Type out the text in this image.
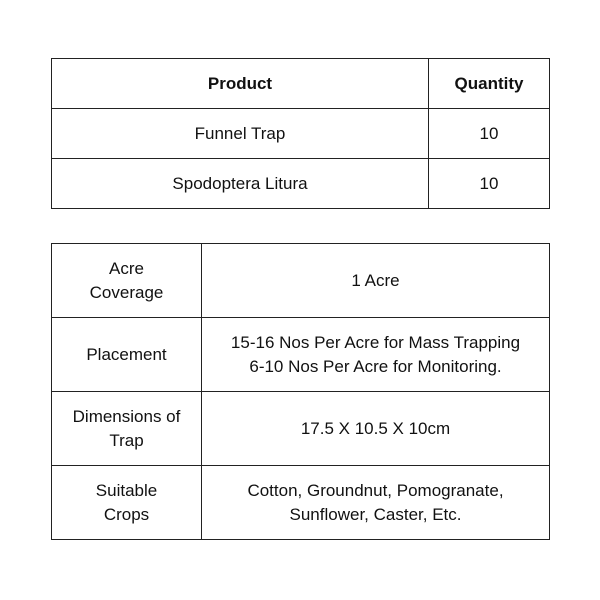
Product	Quantity
Funnel Trap	10
Spodoptera Litura	10
Acre
Coverage	1 Acre

Placement	15-16 Nos Per Acre for Mass Trapping
6-10 Nos Per Acre for Monitoring.

Dimensions of
Trap	17.5 X 10.5 X 10cm

Suitable
Crops	Cotton, Groundnut, Pomogranate,
Sunflower, Caster, Etc.
